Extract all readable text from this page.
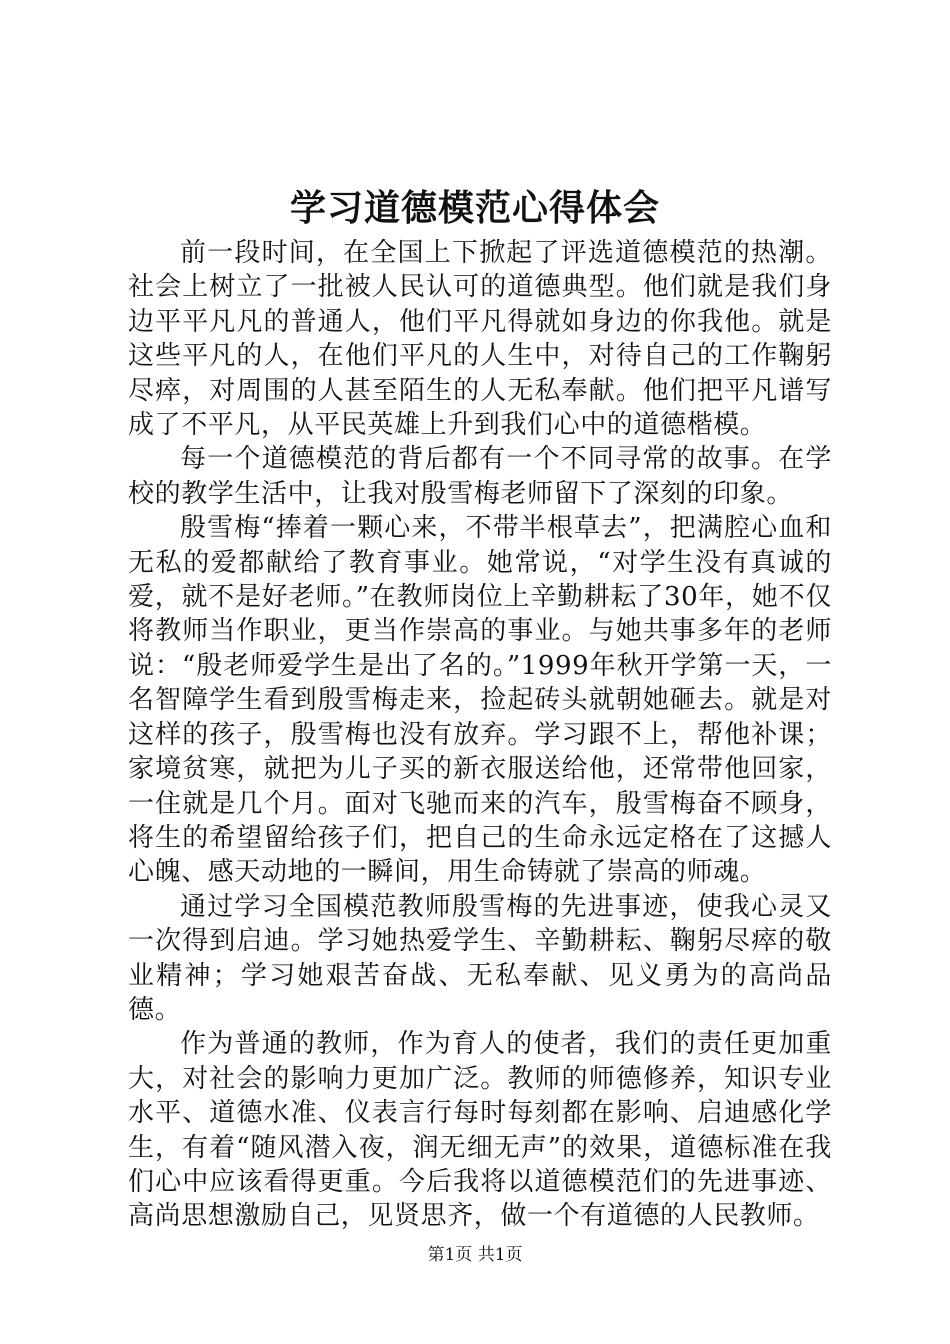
学习道德模范心得体会

前一段时间，在全国上下掀起了评选道德模范的热潮。社会上树立了一批被人民认可的道德典型。他们就是我们身边平平凡凡的普通人，他们平凡得就如身边的你我他。就是这些平凡的人，在他们平凡的人生中，对待自己的工作鞠躬尽瘁，对周围的人甚至陌生的人无私奉献。他们把平凡谱写成了不平凡，从平民英雄上升到我们心中的道德楷模。

每一个道德模范的背后都有一个不同寻常的故事。在学校的教学生活中，让我对殷雪梅老师留下了深刻的印象。

殷雪梅“捧着一颗心来，不带半根草去”，把满腔心血和无私的爱都献给了教育事业。她常说，“对学生没有真诚的爱，就不是好老师。”在教师岗位上辛勤耕耘了30年，她不仅将教师当作职业，更当作崇高的事业。与她共事多年的老师说：“殷老师爱学生是出了名的。”1999年秋开学第一天，一名智障学生看到殷雪梅走来，捡起砖头就朝她砸去。就是对这样的孩子，殷雪梅也没有放弃。学习跟不上，帮他补课；家境贫寒，就把为儿子买的新衣服送给他，还常带他回家，一住就是几个月。面对飞驰而来的汽车，殷雪梅奋不顾身，将生的希望留给孩子们，把自己的生命永远定格在了这撼人心魄、感天动地的一瞬间，用生命铸就了崇高的师魂。

通过学习全国模范教师殷雪梅的先进事迹，使我心灵又一次得到启迪。学习她热爱学生、辛勤耕耘、鞠躬尽瘁的敬业精神；学习她艰苦奋战、无私奉献、见义勇为的高尚品德。

作为普通的教师，作为育人的使者，我们的责任更加重大，对社会的影响力更加广泛。教师的师德修养，知识专业水平、道德水准、仪表言行每时每刻都在影响、启迪感化学生，有着“随风潜入夜，润无细无声”的效果，道德标准在我们心中应该看得更重。今后我将以道德模范们的先进事迹、高尚思想激励自己，见贤思齐，做一个有道德的人民教师。

第1页 共1页
